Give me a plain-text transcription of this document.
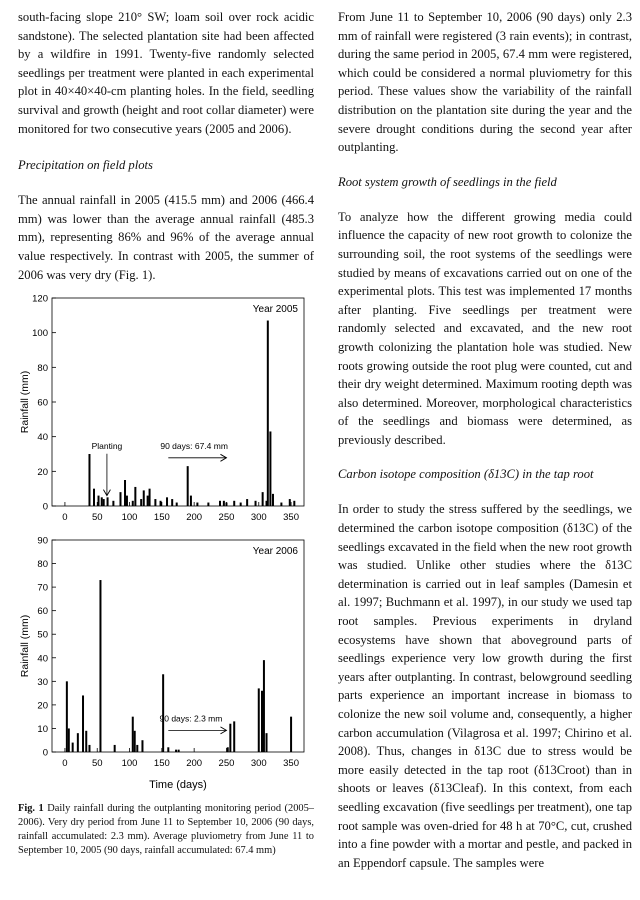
south-facing slope 210° SW; loam soil over rock acidic sandstone). The selected plantation site had been affected by a wildfire in 1991. Twenty-five randomly selected seedlings per treatment were planted in each experimental plot in 40×40×40-cm planting holes. In the field, seedling survival and growth (height and root collar diameter) were monitored for two consecutive years (2005 and 2006).

Precipitation on field plots

The annual rainfall in 2005 (415.5 mm) and 2006 (466.4 mm) was lower than the average annual rainfall (485.3 mm), representing 86% and 96% of the average annual value respectively. In contrast with 2005, the summer of 2006 was very dry (Fig. 1).

0
20
40
60
80
100
120
0	50 100 150 200 250 300 350
Year 2005
Rainfall (mm)
Planting	90 days: 67.4 mm
0
10
20
30
40
50
60
70
80
90
0	50 100 150 200 250 300 350
Year 2006
Rainfall (mm)
Time (days)
90 days: 2.3 mm
Fig. 1 Daily rainfall during the outplanting monitoring period (2005–2006). Very dry period from June 11 to September 10, 2006 (90 days, rainfall accumulated: 2.3 mm). Average pluviometry from June 11 to September 10, 2005 (90 days, rainfall accumulated: 67.4 mm)

From June 11 to September 10, 2006 (90 days) only 2.3 mm of rainfall were registered (3 rain events); in contrast, during the same period in 2005, 67.4 mm were registered, which could be considered a normal pluviometry for this period. These values show the variability of the rainfall distribution on the plantation site during the year and the severe drought conditions during the second year after outplanting.

Root system growth of seedlings in the field

To analyze how the different growing media could influence the capacity of new root growth to colonize the surrounding soil, the root systems of the seedlings were studied by means of excavations carried out on one of the experimental plots. This test was implemented 17 months after planting. Five seedlings per treatment were randomly selected and excavated, and the new root growth colonizing the plantation hole was studied. New roots growing outside the root plug were counted, cut and their dry weight determined. Maximum rooting depth was also determined. Moreover, morphological characteristics of the seedlings and biomass were determined, as previously described.

Carbon isotope composition (δ13C) in the tap root

In order to study the stress suffered by the seedlings, we determined the carbon isotope composition (δ13C) of the seedlings excavated in the field when the new root growth was studied. Unlike other studies where the δ13C determination is carried out in leaf samples (Damesin et al. 1997; Buchmann et al. 1997), in our study we used tap root samples. Previous experiments in dryland ecosystems have shown that aboveground parts of seedlings experience very low growth during the first years after outplanting. In contrast, belowground seedling parts experience an important increase in biomass to colonize the new soil volume and, consequently, a higher carbon accumulation (Vilagrosa et al. 1997; Chirino et al. 2008). Thus, changes in δ13C due to stress would be more easily detected in the tap root (δ13Croot) than in shoots or leaves (δ13Cleaf). In this context, from each seedling excavation (five seedlings per treatment), one tap root sample was oven-dried for 48 h at 70°C, cut, crushed into a fine powder with a mortar and pestle, and packed in an Eppendorf capsule. The samples were
